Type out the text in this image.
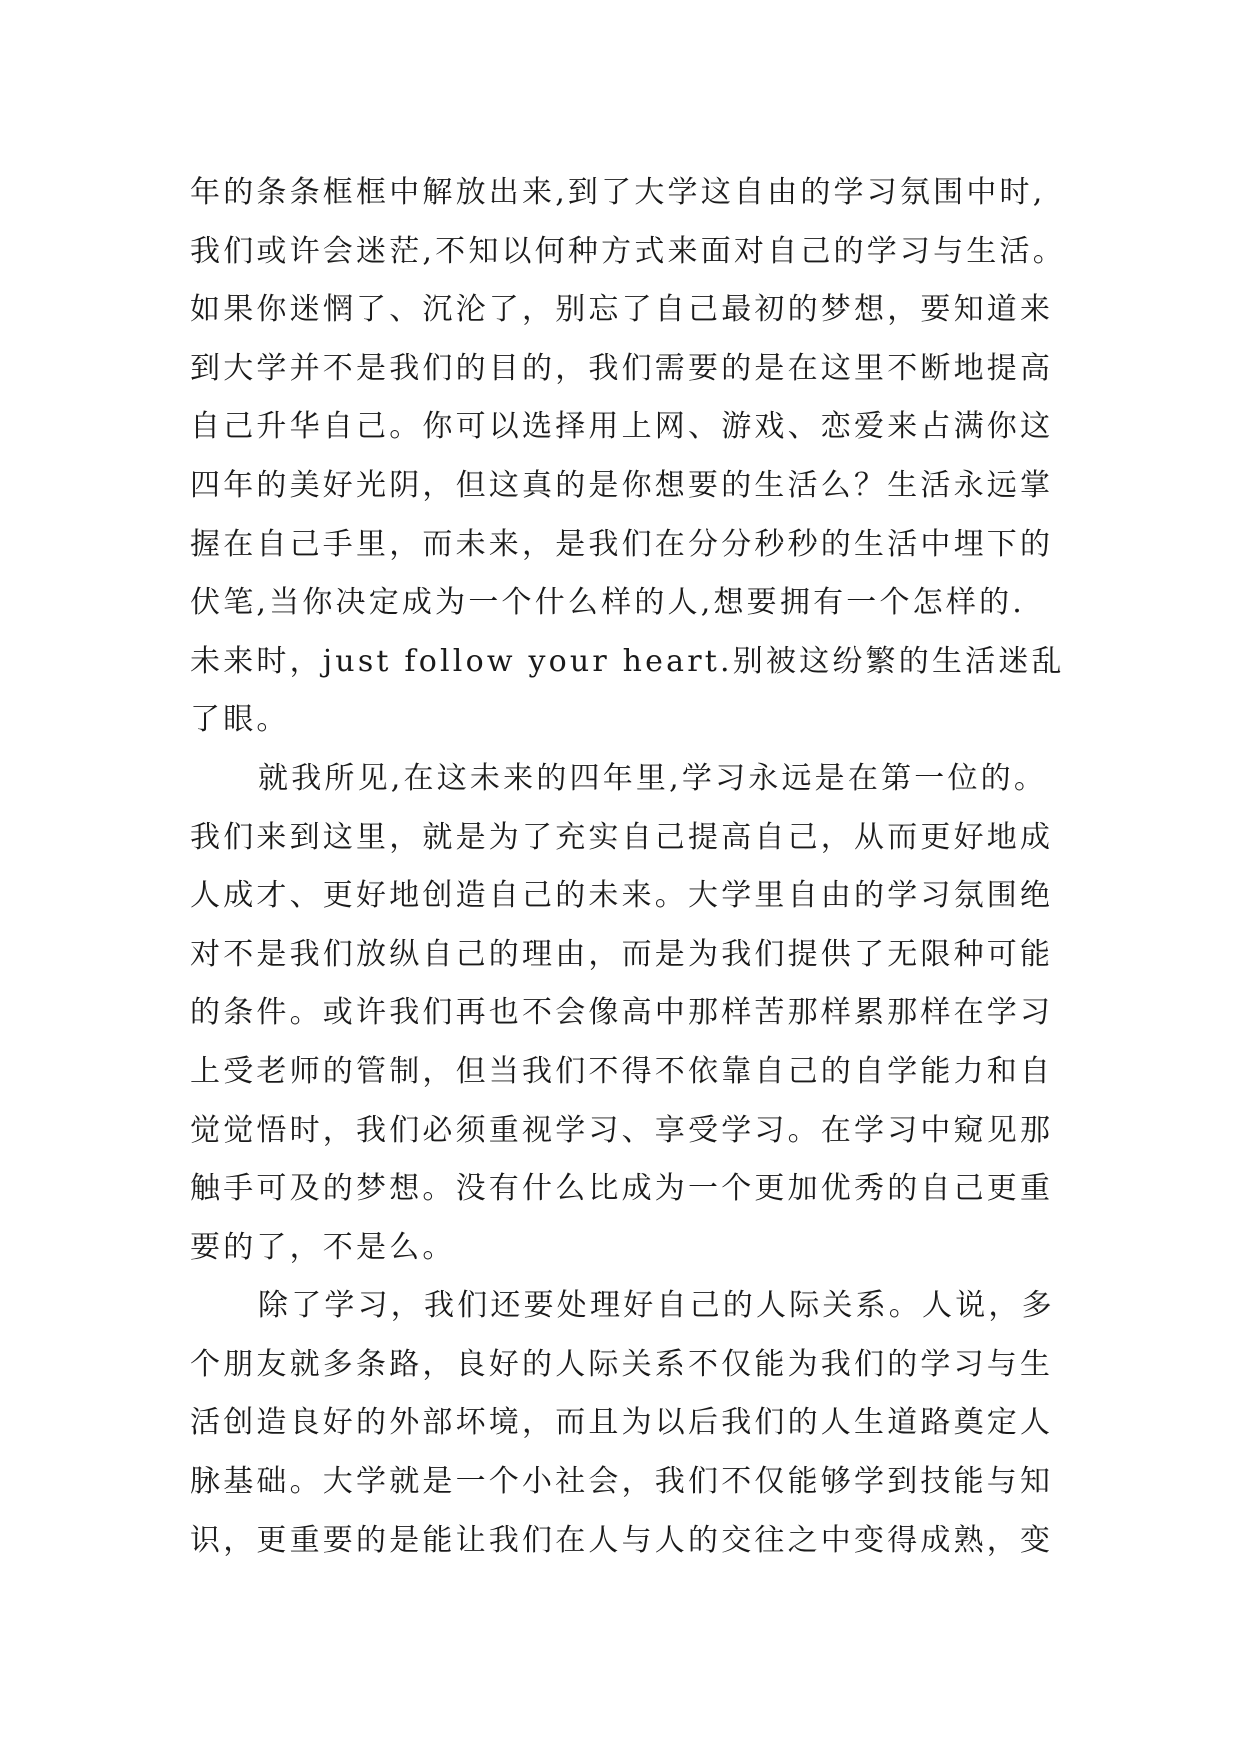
年的条条框框中解放出来,到了大学这自由的学习氛围中时,
我们或许会迷茫,不知以何种方式来面对自己的学习与生活。
如果你迷惘了、沉沦了，别忘了自己最初的梦想，要知道来
到大学并不是我们的目的，我们需要的是在这里不断地提高
自己升华自己。你可以选择用上网、游戏、恋爱来占满你这
四年的美好光阴，但这真的是你想要的生活么？生活永远掌
握在自己手里，而未来，是我们在分分秒秒的生活中埋下的
伏笔,当你决定成为一个什么样的人,想要拥有一个怎样的.
未来时，just follow your heart.别被这纷繁的生活迷乱
了眼。
就我所见,在这未来的四年里,学习永远是在第一位的。
我们来到这里，就是为了充实自己提高自己，从而更好地成
人成才、更好地创造自己的未来。大学里自由的学习氛围绝
对不是我们放纵自己的理由，而是为我们提供了无限种可能
的条件。或许我们再也不会像高中那样苦那样累那样在学习
上受老师的管制，但当我们不得不依靠自己的自学能力和自
觉觉悟时，我们必须重视学习、享受学习。在学习中窥见那
触手可及的梦想。没有什么比成为一个更加优秀的自己更重
要的了，不是么。
除了学习，我们还要处理好自己的人际关系。人说，多
个朋友就多条路，良好的人际关系不仅能为我们的学习与生
活创造良好的外部坏境，而且为以后我们的人生道路奠定人
脉基础。大学就是一个小社会，我们不仅能够学到技能与知
识，更重要的是能让我们在人与人的交往之中变得成熟，变
